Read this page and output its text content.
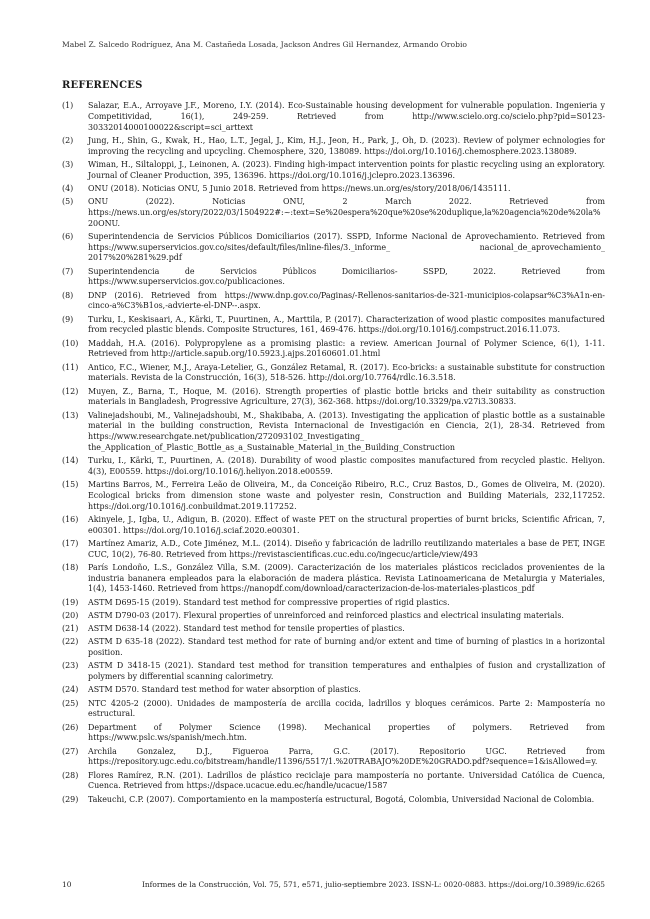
Mabel Z. Salcedo Rodríguez, Ana M. Castañeda Losada, Jackson Andres Gil Hernandez, Armando Orobio
REFERENCES
(1) Salazar, E.A., Arroyave J.F., Moreno, I.Y. (2014). Eco-Sustainable housing development for vulnerable population. Ingenieria y Competitividad, 16(1), 249-259. Retrieved from http://www.scielo.org.co/scielo.php?pid=S0123-30332014000100022&script=sci_arttext
(2) Jung, H., Shin, G., Kwak, H., Hao, L.T., Jegal, J., Kim, H.J., Jeon, H., Park, J., Oh, D. (2023). Review of polymer echnologies for improving the recycling and upcycling. Chemosphere, 320, 138089. https://doi.org/10.1016/j.chemosphere.2023.138089.
(3) Wiman, H., Siltaloppi, J., Leinonen, A. (2023). Finding high-impact intervention points for plastic recycling using an exploratory. Journal of Cleaner Production, 395, 136396. https://doi.org/10.1016/j.jclepro.2023.136396.
(4) ONU (2018). Noticias ONU, 5 Junio 2018. Retrieved from https://news.un.org/es/story/2018/06/1435111.
(5) ONU (2022). Noticias ONU, 2 March 2022. Retrieved from https://news.un.org/es/story/2022/03/1504922#:~:text=Se%20espera%20que%20se%20duplique,la%20agencia%20de%20la%20ONU.
(6) Superintendencia de Servicios Públicos Domiciliarios (2017). SSPD, Informe Nacional de Aprovechamiento. Retrieved from https://www.superservicios.gov.co/sites/default/files/inline-files/3._informe_ nacional_de_aprovechamiento_ 2017%20%281%29.pdf
(7) Superintendencia de Servicios Públicos Domiciliarios- SSPD, 2022. Retrieved from https://www.superservicios.gov.co/publicaciones.
(8) DNP (2016). Retrieved from https://www.dnp.gov.co/Paginas/-Rellenos-sanitarios-de-321-municipios-colapsar%C3%A1n-en-cinco-a%C3%B1os,-advierte-el-DNP--.aspx.
(9) Turku, I., Keskisaari, A., Kärki, T., Puurtinen, A., Marttila, P. (2017). Characterization of wood plastic composites manufactured from recycled plastic blends. Composite Structures, 161, 469-476. https://doi.org/10.1016/j.compstruct.2016.11.073.
(10) Maddah, H.A. (2016). Polypropylene as a promising plastic: a review. American Journal of Polymer Science, 6(1), 1-11. Retrieved from http://article.sapub.org/10.5923.j.ajps.20160601.01.html
(11) Antico, F.C., Wiener, M.J., Araya-Letelier, G., González Retamal, R. (2017). Eco-bricks: a sustainable substitute for construction materials. Revista de la Construcción, 16(3), 518-526. http://doi.org/10.7764/rdlc.16.3.518.
(12) Muyen, Z., Barna, T., Hoque, M. (2016). Strength properties of plastic bottle bricks and their suitability as construction materials in Bangladesh, Progressive Agriculture, 27(3), 362-368. https://doi.org/10.3329/pa.v27i3.30833.
(13) Valinejadshoubi, M., Valinejadshoubi, M., Shakibaba, A. (2013). Investigating the application of plastic bottle as a sustainable material in the building construction, Revista Internacional de Investigación en Ciencia, 2(1), 28-34. Retrieved from https://www.researchgate.net/publication/272093102_Investigating_ the_Application_of_Plastic_Bottle_as_a_Sustainable_Material_in_the_Building_Construction
(14) Turku, I., Kärki, T., Puurtinen, A. (2018). Durability of wood plastic composites manufactured from recycled plastic. Heliyon. 4(3), E00559. https://doi.org/10.1016/j.heliyon.2018.e00559.
(15) Martins Barros, M., Ferreira Leão de Oliveira, M., da Conceição Ribeiro, R.C., Cruz Bastos, D., Gomes de Oliveira, M. (2020). Ecological bricks from dimension stone waste and polyester resin, Construction and Building Materials, 232,117252. https://doi.org/10.1016/j.conbuildmat.2019.117252.
(16) Akinyele, J., Igba, U., Adigun, B. (2020). Effect of waste PET on the structural properties of burnt bricks, Scientific African, 7, e00301. https://doi.org/10.1016/j.sciaf.2020.e00301.
(17) Martínez Amariz, A.D., Cote Jiménez, M.L. (2014). Diseño y fabricación de ladrillo reutilizando materiales a base de PET, INGE CUC, 10(2), 76-80. Retrieved from https://revistascientificas.cuc.edu.co/ingecuc/article/view/493
(18) París Londoño, L.S., González Villa, S.M. (2009). Caracterización de los materiales plásticos reciclados provenientes de la industria bananera empleados para la elaboración de madera plástica. Revista Latinoamericana de Metalurgia y Materiales, 1(4), 1453-1460. Retrieved from https://nanopdf.com/download/caracterizacion-de-los-materiales-plasticos_pdf
(19) ASTM D695-15 (2019). Standard test method for compressive properties of rigid plastics.
(20) ASTM D790-03 (2017). Flexural properties of unreinforced and reinforced plastics and electrical insulating materials.
(21) ASTM D638-14 (2022). Standard test method for tensile properties of plastics.
(22) ASTM D 635-18 (2022). Standard test method for rate of burning and/or extent and time of burning of plastics in a horizontal position.
(23) ASTM D 3418-15 (2021). Standard test method for transition temperatures and enthalpies of fusion and crystallization of polymers by differential scanning calorimetry.
(24) ASTM D570. Standard test method for water absorption of plastics.
(25) NTC 4205-2 (2000). Unidades de mampostería de arcilla cocida, ladrillos y bloques cerámicos. Parte 2: Mampostería no estructural.
(26) Department of Polymer Science (1998). Mechanical properties of polymers. Retrieved from https://www.pslc.ws/spanish/mech.htm.
(27) Archila Gonzalez, D.J., Figueroa Parra, G.C. (2017). Repositorio UGC. Retrieved from https://repository.ugc.edu.co/bitstream/handle/11396/5517/1.%20TRABAJO%20DE%20GRADO.pdf?sequence=1&isAllowed=y.
(28) Flores Ramírez, R.N. (201). Ladrillos de plástico reciclaje para mampostería no portante. Universidad Católica de Cuenca, Cuenca. Retrieved from https://dspace.ucacue.edu.ec/handle/ucacue/1587
(29) Takeuchi, C.P. (2007). Comportamiento en la mampostería estructural, Bogotá, Colombia, Universidad Nacional de Colombia.
10	Informes de la Construcción, Vol. 75, 571, e571, julio-septiembre 2023. ISSN-L: 0020-0883. https://doi.org/10.3989/ic.6265
